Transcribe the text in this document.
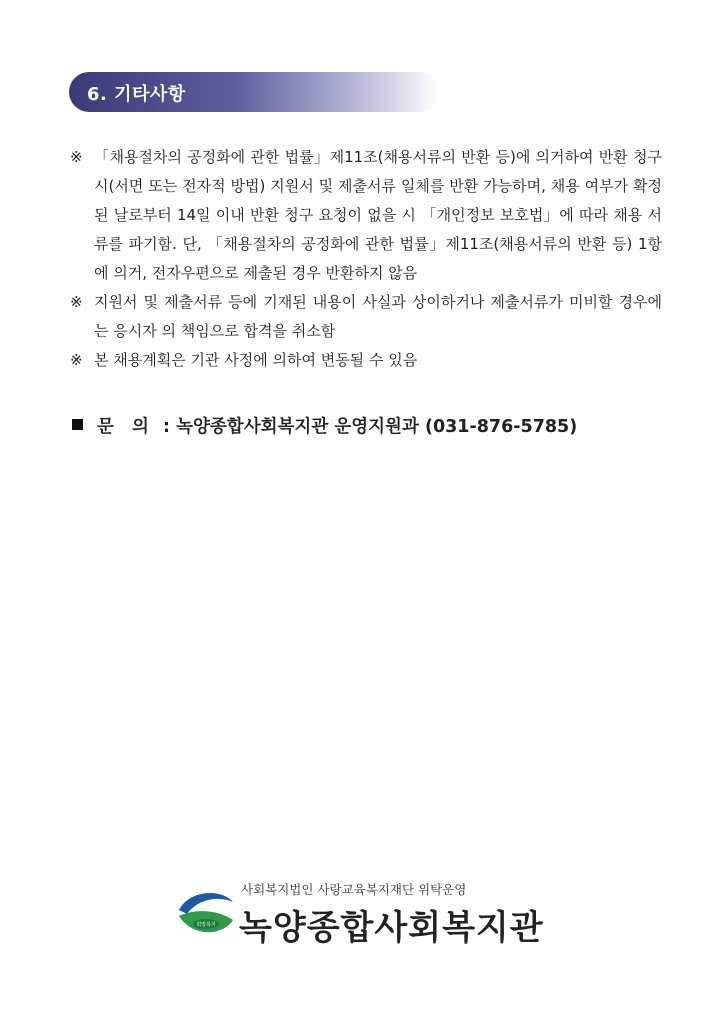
6. 기타사항
※ 「채용절차의 공정화에 관한 법률」제11조(채용서류의 반환 등)에 의거하여 반환 청구 시(서면 또는 전자적 방법) 지원서 및 제출서류 일체를 반환 가능하며, 채용 여부가 확정된 날로부터 14일 이내 반환 청구 요청이 없을 시 「개인정보 보호법」에 따라 채용 서류를 파기함. 단, 「채용절차의 공정화에 관한 법률」제11조(채용서류의 반환 등) 1항에 의거, 전자우편으로 제출된 경우 반환하지 않음
※ 지원서 및 제출서류 등에 기재된 내용이 사실과 상이하거나 제출서류가 미비할 경우에는 응시자 의 책임으로 합격을 취소함
※ 본 채용계획은 기관 사정에 의하여 변동될 수 있음
문 의 : 녹양종합사회복지관 운영지원과 (031-876-5785)
희망복지
사회복지법인 사랑교육복지재단 위탁운영
녹양종합사회복지관
